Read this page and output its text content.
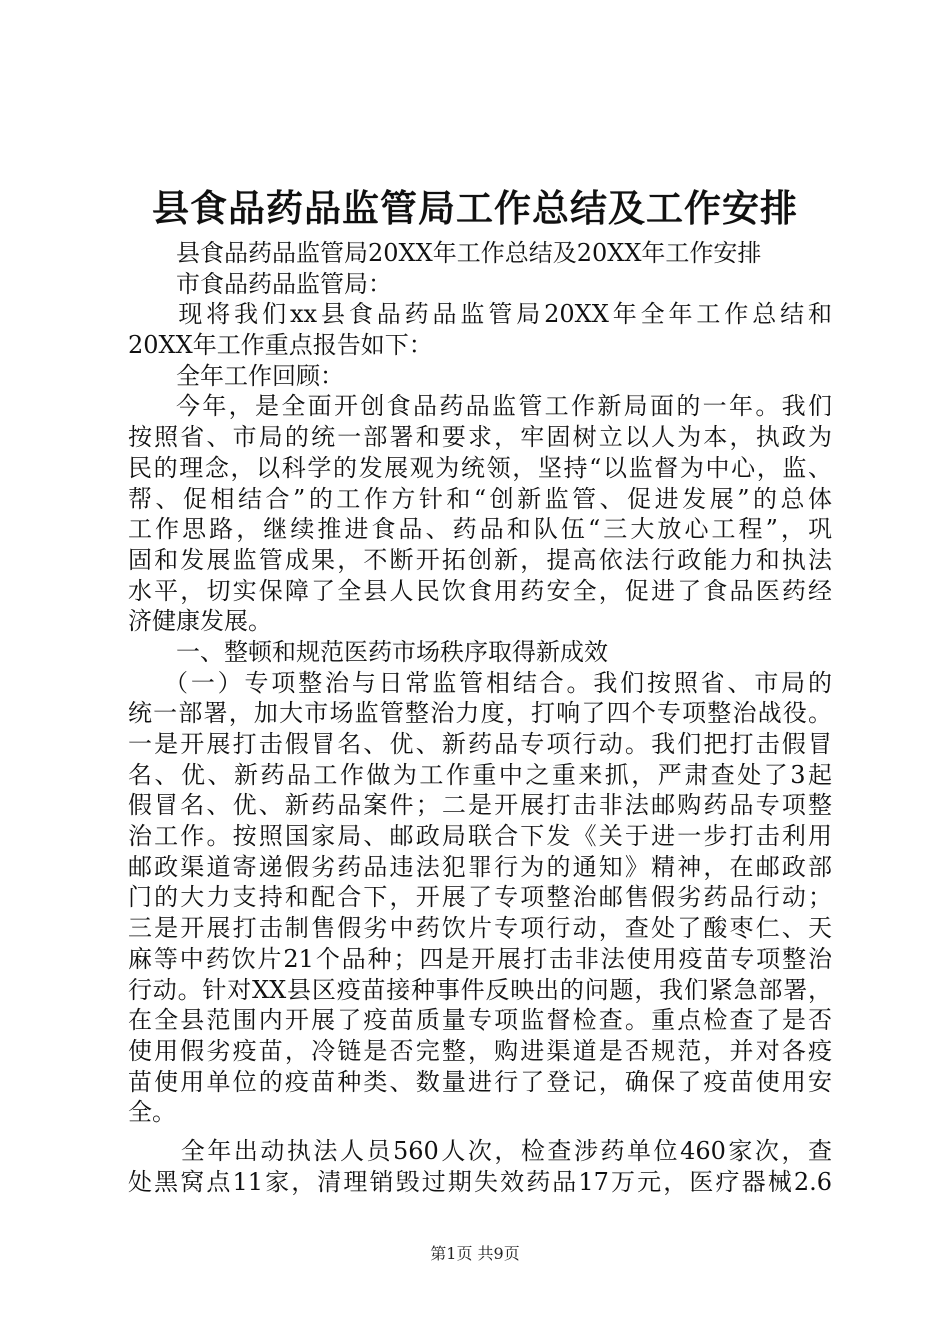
县食品药品监管局工作总结及工作安排
县食品药品监管局20XX年工作总结及20XX年工作安排
市食品药品监管局：
现将我们xx县食品药品监管局20XX年全年工作总结和
20XX年工作重点报告如下：
全年工作回顾：
今年，是全面开创食品药品监管工作新局面的一年。我们
按照省、市局的统一部署和要求，牢固树立以人为本，执政为
民的理念，以科学的发展观为统领，坚持“以监督为中心，监、
帮、促相结合”的工作方针和“创新监管、促进发展”的总体
工作思路，继续推进食品、药品和队伍“三大放心工程”，巩
固和发展监管成果，不断开拓创新，提高依法行政能力和执法
水平，切实保障了全县人民饮食用药安全，促进了食品医药经
济健康发展。
一、整顿和规范医药市场秩序取得新成效
（一）专项整治与日常监管相结合。我们按照省、市局的
统一部署，加大市场监管整治力度，打响了四个专项整治战役。
一是开展打击假冒名、优、新药品专项行动。我们把打击假冒
名、优、新药品工作做为工作重中之重来抓，严肃查处了3起
假冒名、优、新药品案件；二是开展打击非法邮购药品专项整
治工作。按照国家局、邮政局联合下发《关于进一步打击利用
邮政渠道寄递假劣药品违法犯罪行为的通知》精神，在邮政部
门的大力支持和配合下，开展了专项整治邮售假劣药品行动；
三是开展打击制售假劣中药饮片专项行动，查处了酸枣仁、天
麻等中药饮片21个品种；四是开展打击非法使用疫苗专项整治
行动。针对XX县区疫苗接种事件反映出的问题，我们紧急部署，
在全县范围内开展了疫苗质量专项监督检查。重点检查了是否
使用假劣疫苗，冷链是否完整，购进渠道是否规范，并对各疫
苗使用单位的疫苗种类、数量进行了登记，确保了疫苗使用安
全。
全年出动执法人员560人次，检查涉药单位460家次，查
处黑窝点11家，清理销毁过期失效药品17万元，医疗器械2.6
第1页 共9页
